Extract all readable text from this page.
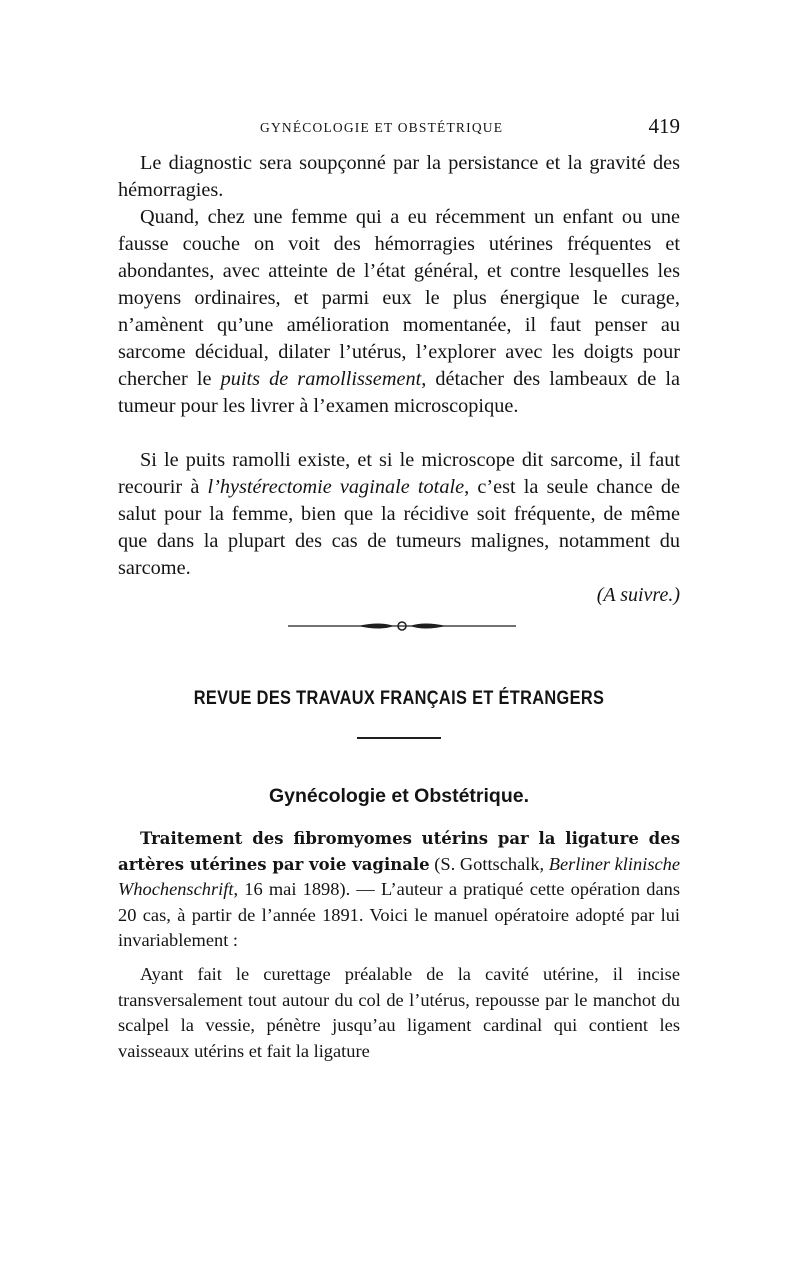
GYNÉCOLOGIE ET OBSTÉTRIQUE	419

Le diagnostic sera soupçonné par la persistance et la gravité des hémorragies.

Quand, chez une femme qui a eu récemment un enfant ou une fausse couche on voit des hémorragies utérines fréquentes et abondantes, avec atteinte de l’état général, et contre lesquelles les moyens ordinaires, et parmi eux le plus énergique le curage, n’amènent qu’une amélioration momentanée, il faut penser au sarcome décidual, dilater l’utérus, l’explorer avec les doigts pour chercher le puits de ramollissement, détacher des lambeaux de la tumeur pour les livrer à l’examen microscopique.

Si le puits ramolli existe, et si le microscope dit sarcome, il faut recourir à l’hystérectomie vaginale totale, c’est la seule chance de salut pour la femme, bien que la récidive soit fréquente, de même que dans la plupart des cas de tumeurs malignes, notamment du sarcome.

(A suivre.)
REVUE DES TRAVAUX FRANÇAIS ET ÉTRANGERS
Gynécologie et Obstétrique.

Traitement des fibromyomes utérins par la ligature des artères utérines par voie vaginale (S. Gottschalk, Berliner klinische Whochenschrift, 16 mai 1898). — L’auteur a pratiqué cette opération dans 20 cas, à partir de l’année 1891. Voici le manuel opératoire adopté par lui invariablement :

Ayant fait le curettage préalable de la cavité utérine, il incise transversalement tout autour du col de l’utérus, repousse par le manchot du scalpel la vessie, pénètre jusqu’au ligament cardinal qui contient les vaisseaux utérins et fait la ligature
